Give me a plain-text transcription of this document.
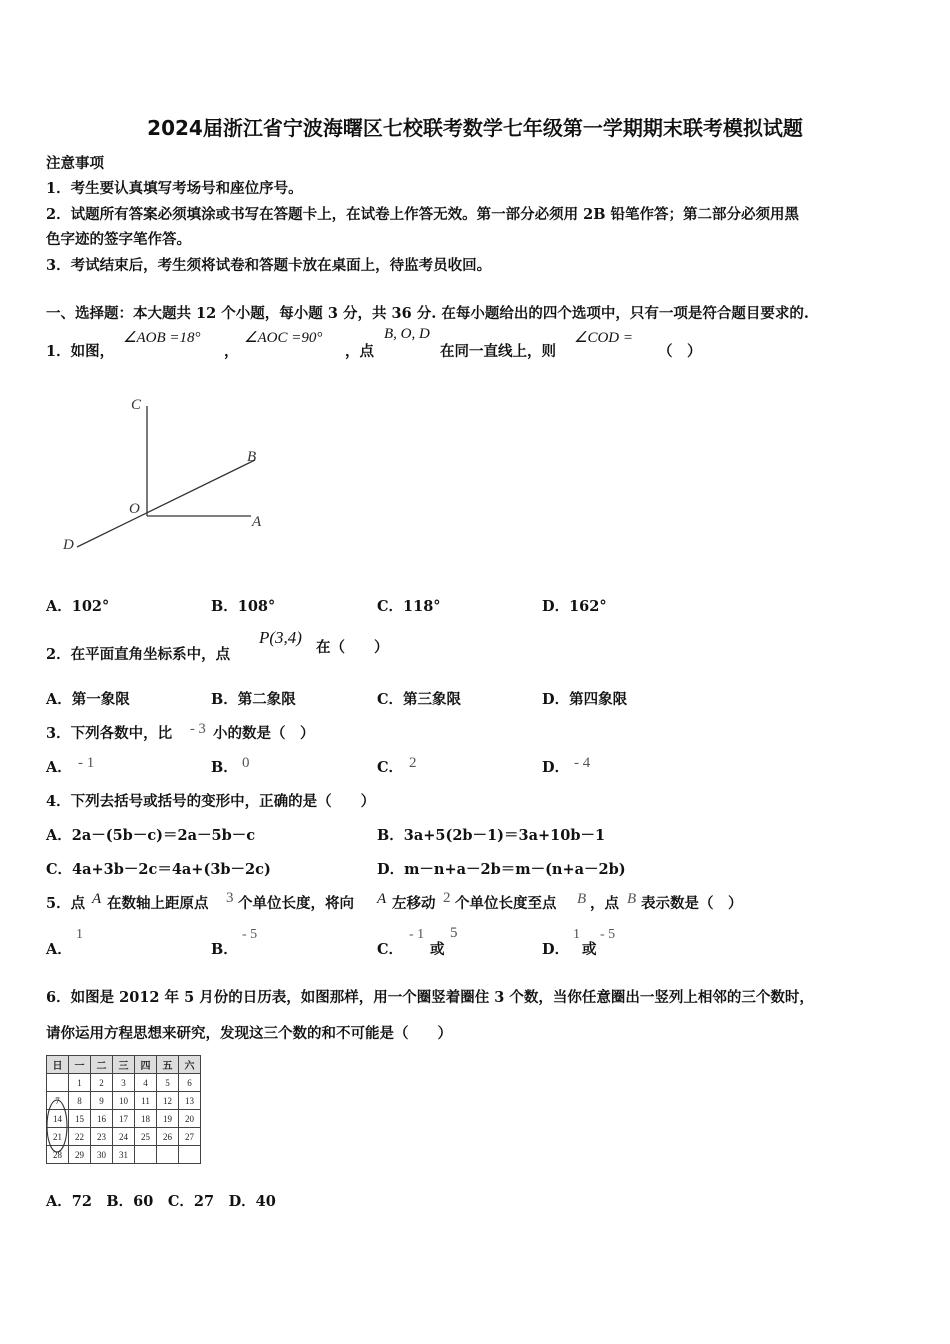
2024届浙江省宁波海曙区七校联考数学七年级第一学期期末联考模拟试题
注意事项
1．考生要认真填写考场号和座位序号。
2．试题所有答案必须填涂或书写在答题卡上，在试卷上作答无效。第一部分必须用 2B 铅笔作答；第二部分必须用黑
色字迹的签字笔作答。
3．考试结束后，考生须将试卷和答题卡放在桌面上，待监考员收回。
一、选择题：本大题共 12 个小题，每小题 3 分，共 36 分. 在每小题给出的四个选项中，只有一项是符合题目要求的.
1．如图，
∠AOB =18°
，
∠AOC =90°
，点
B, O, D
在同一直线上，则
∠COD =
（　）
C
B
O
A
D
A．102°	B．108°	C．118°	D．162°
2．在平面直角坐标系中，点
P(3,4)
在（　　）
A．第一象限	B．第二象限	C．第三象限	D．第四象限
3．下列各数中，比 - 3 小的数是（　）
A． - 1	B． 0	C． 2	D． - 4
4．下列去括号或括号的变形中，正确的是（　　）
A．2a－(5b－c)＝2a－5b－c	B．3a+5(2b－1)＝3a+10b－1
C．4a+3b－2c＝4a+(3b－2c)	D．m－n+a－2b＝m－(n+a－2b)
5．点 A 在数轴上距原点 3 个单位长度，将向 A 左移动 2 个单位长度至点 B ，点 B 表示数是（　）
A．
1
B．
- 5
C．
- 1
或
5
D．
1
或
- 5
6．如图是 2012 年 5 月份的日历表，如图那样，用一个圈竖着圈住 3 个数，当你任意圈出一竖列上相邻的三个数时，
请你运用方程思想来研究，发现这三个数的和不可能是（　　）
日	一	二	三	四	五	六
	1	2	3	4	5	6
7	8	9	10	11	12	13
14	15	16	17	18	19	20
21	22	23	24	25	26	27
28	29	30	31			
A．72　B．60　C．27　D．40
